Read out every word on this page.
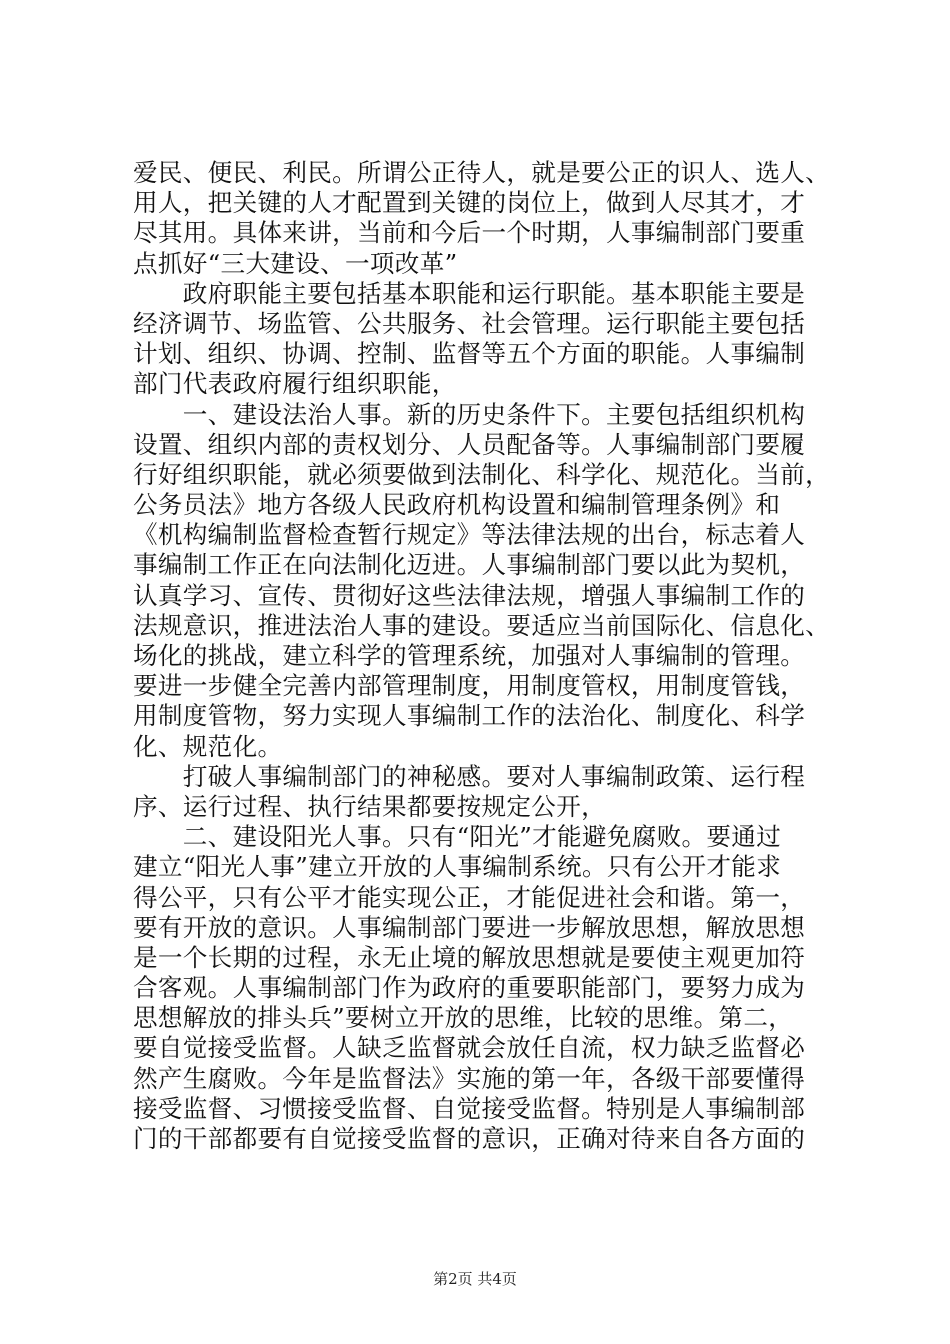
爱民、便民、利民。所谓公正待人，就是要公正的识人、选人、
用人，把关键的人才配置到关键的岗位上，做到人尽其才，才
尽其用。具体来讲，当前和今后一个时期，人事编制部门要重
点抓好“三大建设、一项改革”
　　政府职能主要包括基本职能和运行职能。基本职能主要是
经济调节、场监管、公共服务、社会管理。运行职能主要包括
计划、组织、协调、控制、监督等五个方面的职能。人事编制
部门代表政府履行组织职能，
　　一、建设法治人事。新的历史条件下。主要包括组织机构
设置、组织内部的责权划分、人员配备等。人事编制部门要履
行好组织职能，就必须要做到法制化、科学化、规范化。当前，
公务员法》地方各级人民政府机构设置和编制管理条例》和
《机构编制监督检查暂行规定》等法律法规的出台，标志着人
事编制工作正在向法制化迈进。人事编制部门要以此为契机，
认真学习、宣传、贯彻好这些法律法规，增强人事编制工作的
法规意识，推进法治人事的建设。要适应当前国际化、信息化、
场化的挑战，建立科学的管理系统，加强对人事编制的管理。
要进一步健全完善内部管理制度，用制度管权，用制度管钱，
用制度管物，努力实现人事编制工作的法治化、制度化、科学
化、规范化。
　　打破人事编制部门的神秘感。要对人事编制政策、运行程
序、运行过程、执行结果都要按规定公开，
　　二、建设阳光人事。只有“阳光”才能避免腐败。要通过
建立“阳光人事”建立开放的人事编制系统。只有公开才能求
得公平，只有公平才能实现公正，才能促进社会和谐。第一，
要有开放的意识。人事编制部门要进一步解放思想，解放思想
是一个长期的过程，永无止境的解放思想就是要使主观更加符
合客观。人事编制部门作为政府的重要职能部门，要努力成为
思想解放的排头兵”要树立开放的思维，比较的思维。第二，
要自觉接受监督。人缺乏监督就会放任自流，权力缺乏监督必
然产生腐败。今年是监督法》实施的第一年，各级干部要懂得
接受监督、习惯接受监督、自觉接受监督。特别是人事编制部
门的干部都要有自觉接受监督的意识，正确对待来自各方面的
第2页 共4页
